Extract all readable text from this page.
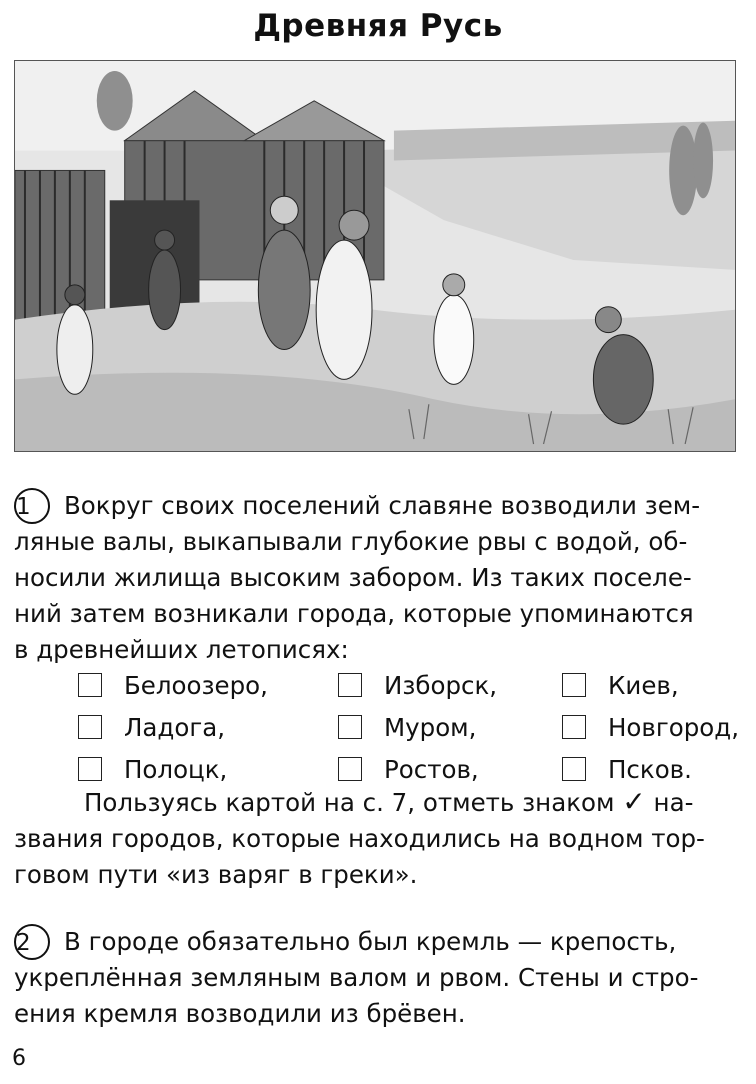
Древняя Русь

1 Вокруг своих поселений славяне возводили зем-

ляные валы, выкапывали глубокие рвы с водой, об-

носили жилища высоким забором. Из таких поселе-

ний затем возникали города, которые упоминаются

в древнейших летописях:

Белоозеро,	Изборск,	Киев,
Ладога,	Муром,	Новгород,
Полоцк,	Ростов,	Псков.

Пользуясь картой на с. 7, отметь знаком ✓ на-

звания городов, которые находились на водном тор-

говом пути «из варяг в греки».

2 В городе обязательно был кремль — крепость,

укреплённая земляным валом и рвом. Стены и стро-

ения кремля возводили из брёвен.

6
